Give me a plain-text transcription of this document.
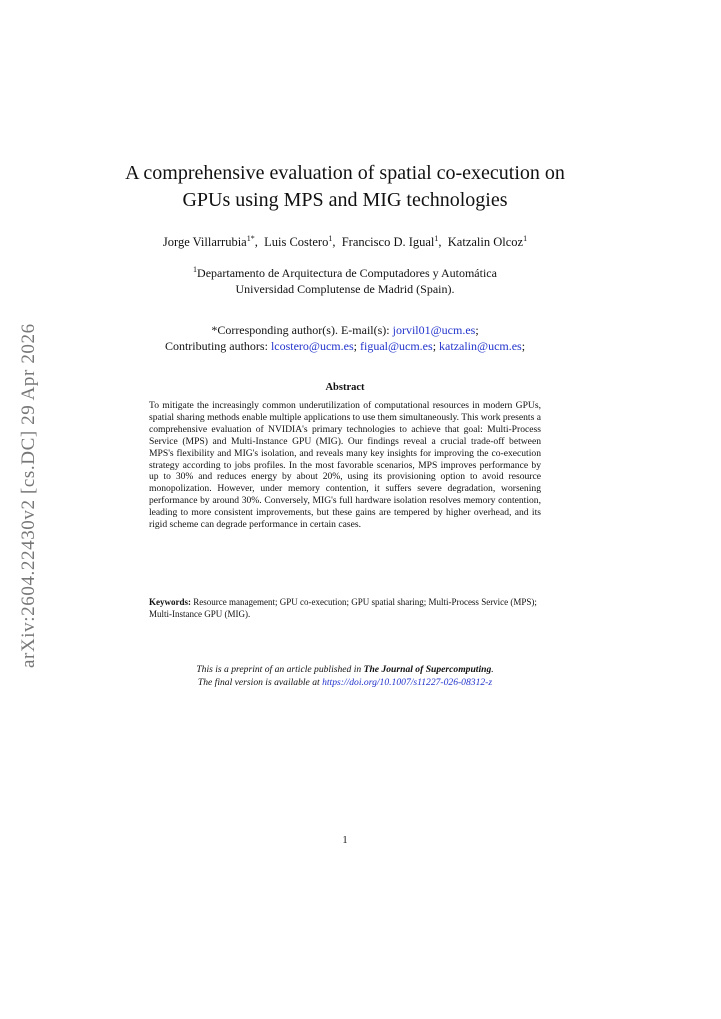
arXiv:2604.22430v2 [cs.DC] 29 Apr 2026
A comprehensive evaluation of spatial co-execution on
GPUs using MPS and MIG technologies
Jorge Villarrubia$^{1*}$,  Luis Costero$^1$,  Francisco D. Igual$^1$,  Katzalin Olcoz$^1$
$^1$Departamento de Arquitectura de Computadores y Automática
Universidad Complutense de Madrid (Spain).
*Corresponding author(s). E-mail(s): jorvil01@ucm.es;
Contributing authors: lcostero@ucm.es; figual@ucm.es; katzalin@ucm.es;
Abstract

To mitigate the increasingly common underutilization of computational resources in modern GPUs, spatial sharing methods enable multiple applications to use them simultaneously. This work presents a comprehensive evaluation of NVIDIA's primary technologies to achieve that goal: Multi-Process Service (MPS) and Multi-Instance GPU (MIG). Our findings reveal a crucial trade-off between MPS's flexibility and MIG's isolation, and reveals many key insights for improving the co-execution strategy according to jobs profiles. In the most favorable scenarios, MPS improves performance by up to 30% and reduces energy by about 20%, using its provisioning option to avoid resource monopolization. However, under memory contention, it suffers severe degradation, worsening performance by around 30%. Conversely, MIG's full hardware isolation resolves memory contention, leading to more consistent improvements, but these gains are tempered by higher overhead, and its rigid scheme can degrade performance in certain cases.

Keywords: Resource management; GPU co-execution; GPU spatial sharing; Multi-Process Service (MPS); Multi-Instance GPU (MIG).
This is a preprint of an article published in The Journal of Supercomputing.
The final version is available at https://doi.org/10.1007/s11227-026-08312-z
1
